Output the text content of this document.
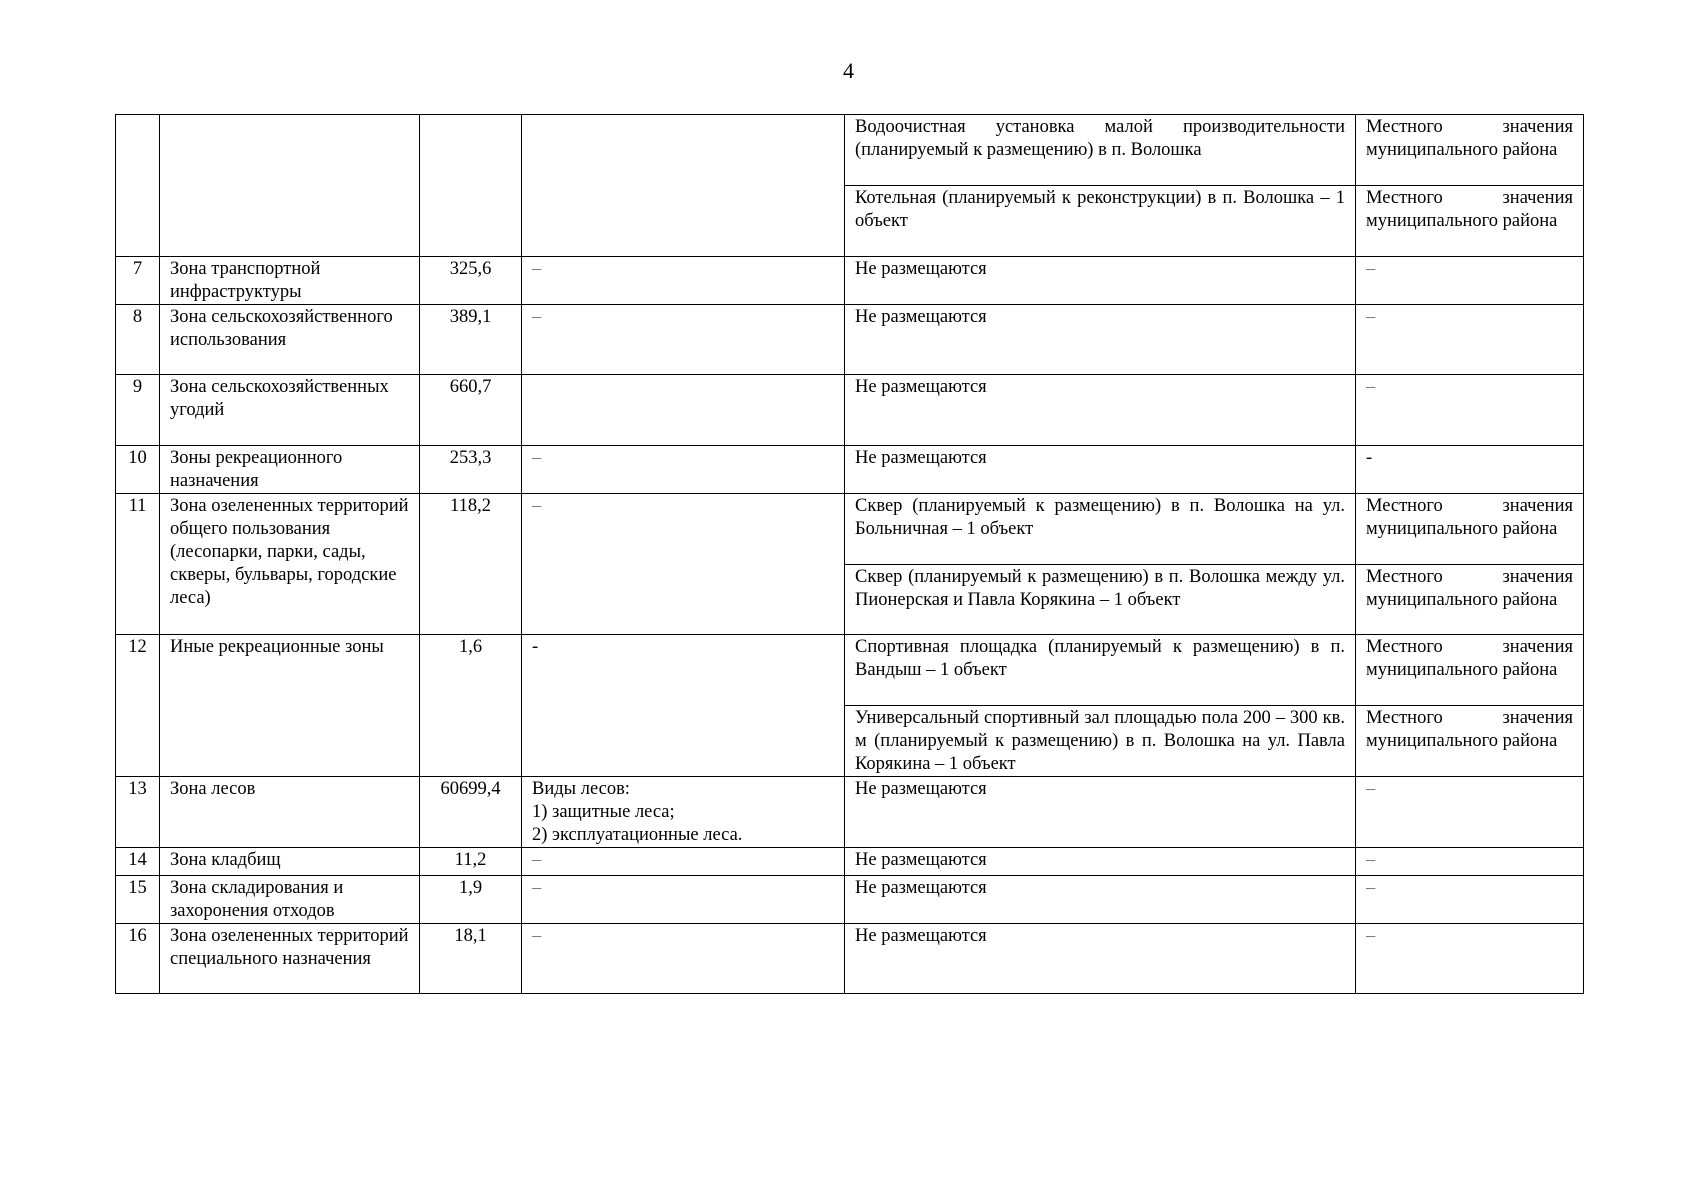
4
				Водоочистная установка малой производительности (планируемый к размещению) в п. Волошка	Местного значения
муниципального района

				Котельная (планируемый к реконструкции) в п. Волошка – 1 объект	Местного значения
муниципального района

7	Зона транспортной инфраструктуры	325,6	–	Не размещаются	–
8	Зона сельскохозяйственного использования	389,1	–	Не размещаются	–
9	Зона сельскохозяйственных угодий	660,7		Не размещаются	–
10	Зоны рекреационного назначения	253,3	–	Не размещаются	-
11	Зона озелененных территорий общего пользования (лесопарки, парки, сады, скверы, бульвары, городские леса)	118,2	–	Сквер (планируемый к размещению) в п. Волошка на ул. Больничная – 1 объект	Местного значения
муниципального района

				Сквер (планируемый к размещению) в п. Волошка между ул. Пионерская и Павла Корякина – 1 объект	Местного значения
муниципального района

12	Иные рекреационные зоны	1,6	-	Спортивная площадка (планируемый к размещению) в п. Вандыш – 1 объект	Местного значения
муниципального района

				Универсальный спортивный зал площадью пола 200 – 300 кв. м (планируемый к размещению) в п. Волошка на ул. Павла Корякина – 1 объект	Местного значения
муниципального района

13	Зона лесов	60699,4	Виды лесов:
1) защитные леса;
2) эксплуатационные леса.	Не размещаются	–
14	Зона кладбищ	11,2	–	Не размещаются	–
15	Зона складирования и захоронения отходов	1,9	–	Не размещаются	–
16	Зона озелененных территорий специального назначения	18,1	–	Не размещаются	–
